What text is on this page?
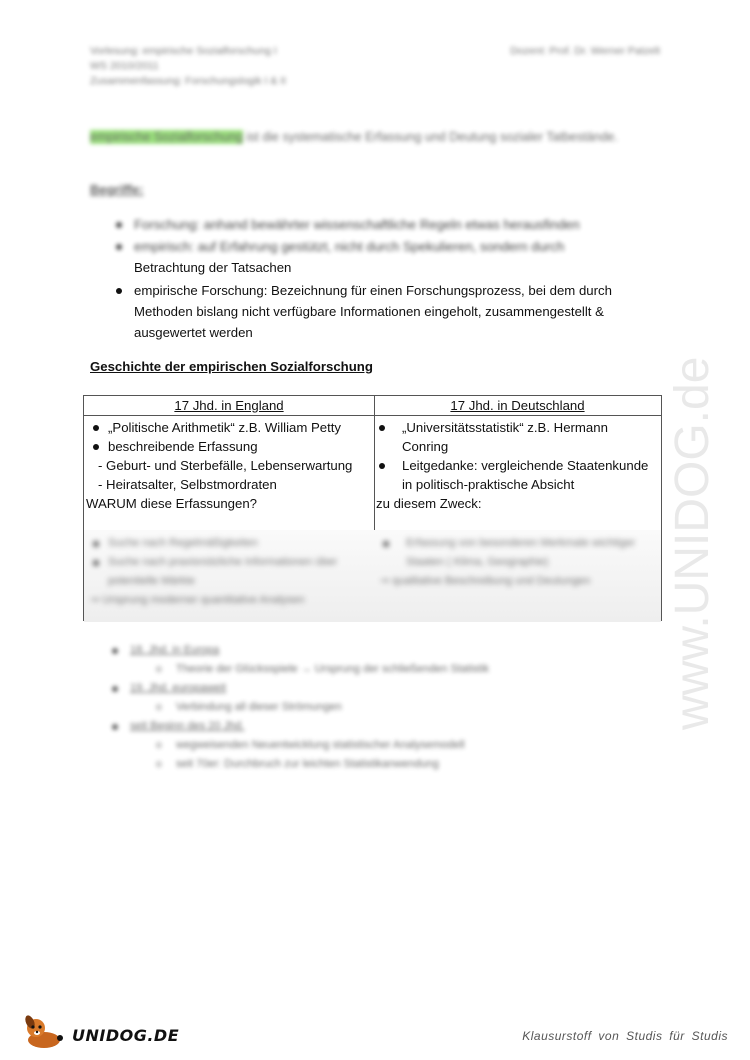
Vorlesung: empirische Sozialforschung I
WS 2010/2011
Zusammenfassung: Forschungslogik I & II
Dozent: Prof. Dr. Werner Patzelt
empirische Sozialforschung ist die systematische Erfassung und Deutung sozialer Tatbestände.
Begriffe:
Forschung: anhand bewährter wissenschaftliche Regeln etwas herausfinden
empirisch: auf Erfahrung gestützt, nicht durch Spekulieren, sondern durch
Betrachtung der Tatsachen
empirische Forschung: Bezeichnung für einen Forschungsprozess, bei dem durch Methoden bislang nicht verfügbare Informationen eingeholt, zusammengestellt & ausgewertet werden
Geschichte der empirischen Sozialforschung
17 Jhd. in England
„Politische Arithmetik“ z.B. William Petty
beschreibende Erfassung
- Geburt- und Sterbefälle, Lebenserwartung
- Heiratsalter, Selbstmordraten
WARUM diese Erfassungen?
Suche nach Regelmäßigkeiten
Suche nach praxisnützliche Informationen über potentielle Märkte
⇒ Ursprung moderner quantitative Analysen
17 Jhd. in Deutschland
„Universitätsstatistik“ z.B. Hermann Conring
Leitgedanke: vergleichende Staatenkunde in politisch-praktische Absicht
zu diesem Zweck:
Erfassung von besonderen Merkmale wichtiger Staaten ( Klima, Geographie)
⇒ qualitative Beschreibung und Deutungen
18. Jhd. in Europa
o Theorie der Glücksspiele → Ursprung der schließenden Statistik
19. Jhd. europaweit
o Verbindung all dieser Strömungen
seit Beginn des 20 Jhd.
o wegweisenden Neuentwicklung statistischer Analysemodell
o seit 70er: Durchbruch zur leichten Statistikanwendung
www.UNIDOG.de
UNIDOG.DE	Klausurstoff von Studis für Studis
